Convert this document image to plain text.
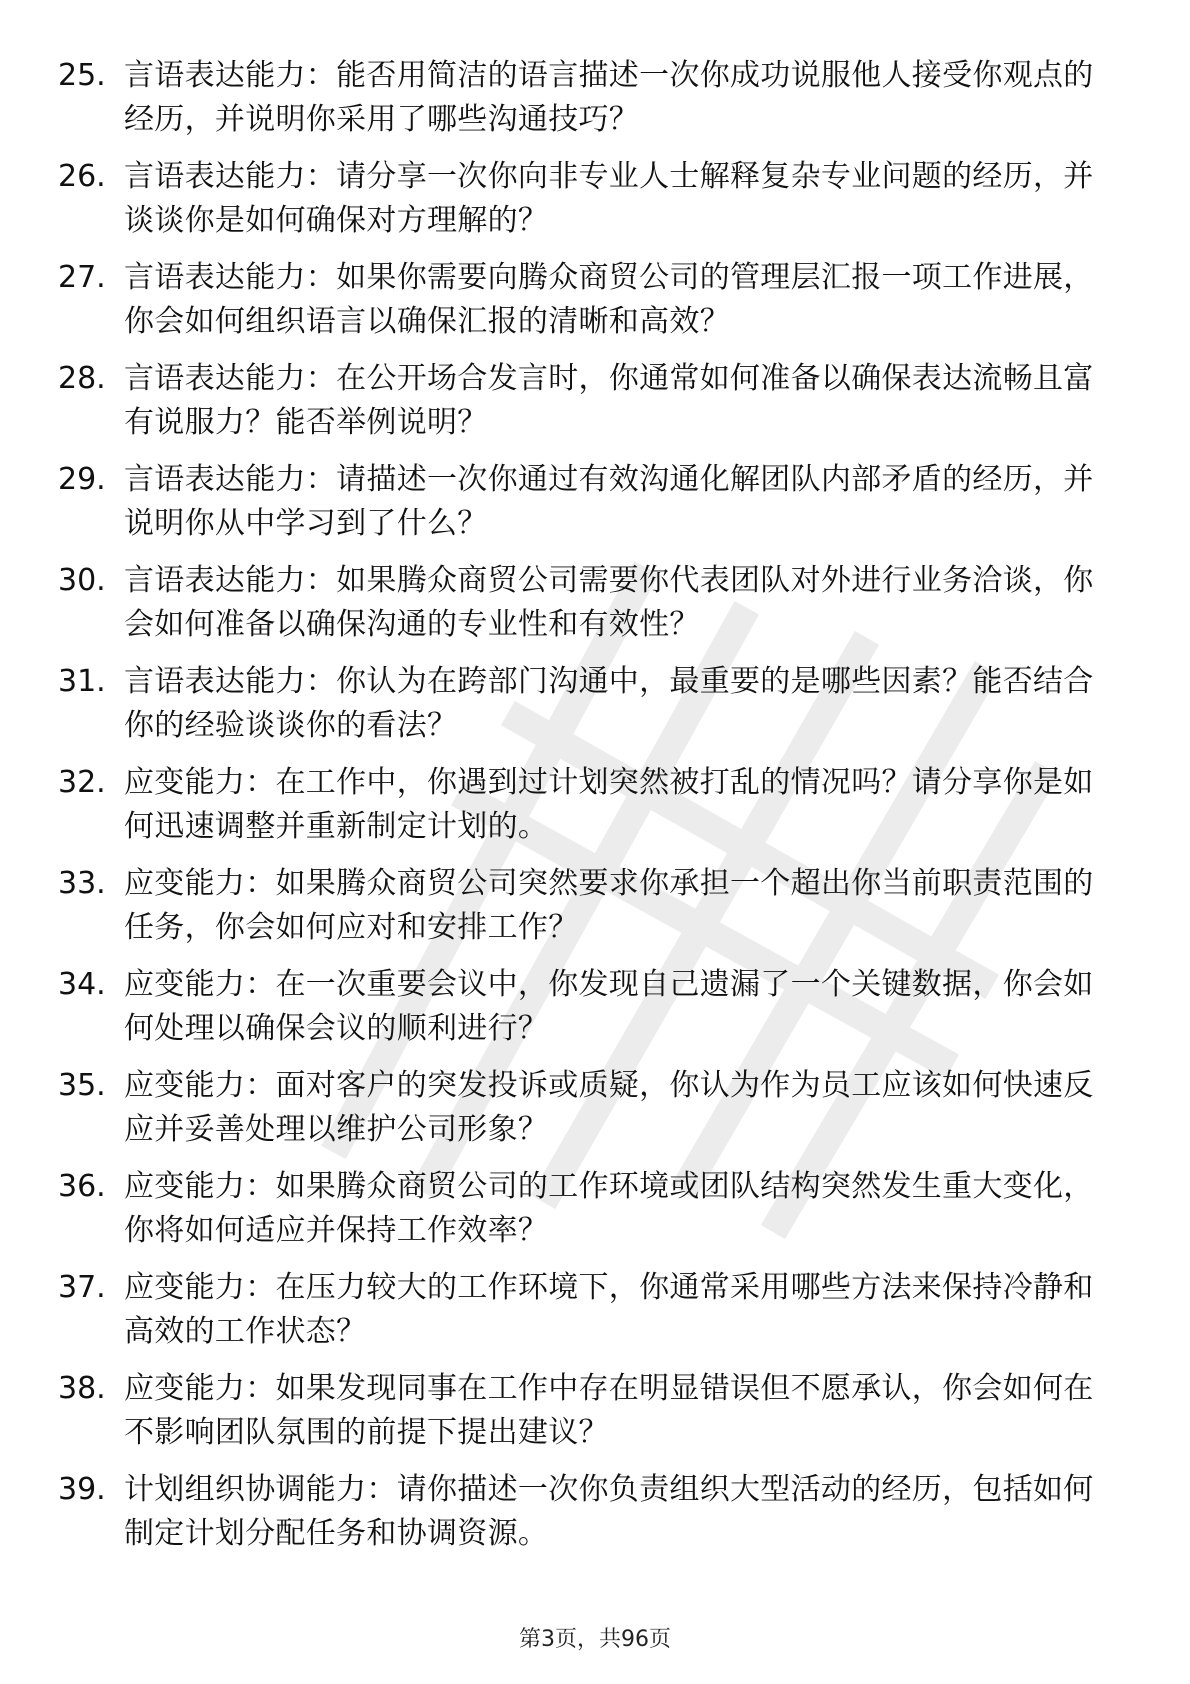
25. 言语表达能力：能否用简洁的语言描述一次你成功说服他人接受你观点的经历，并说明你采用了哪些沟通技巧？
26. 言语表达能力：请分享一次你向非专业人士解释复杂专业问题的经历，并谈谈你是如何确保对方理解的？
27. 言语表达能力：如果你需要向腾众商贸公司的管理层汇报一项工作进展，你会如何组织语言以确保汇报的清晰和高效？
28. 言语表达能力：在公开场合发言时，你通常如何准备以确保表达流畅且富有说服力？能否举例说明？
29. 言语表达能力：请描述一次你通过有效沟通化解团队内部矛盾的经历，并说明你从中学习到了什么？
30. 言语表达能力：如果腾众商贸公司需要你代表团队对外进行业务洽谈，你会如何准备以确保沟通的专业性和有效性？
31. 言语表达能力：你认为在跨部门沟通中，最重要的是哪些因素？能否结合你的经验谈谈你的看法？
32. 应变能力：在工作中，你遇到过计划突然被打乱的情况吗？请分享你是如何迅速调整并重新制定计划的。
33. 应变能力：如果腾众商贸公司突然要求你承担一个超出你当前职责范围的任务，你会如何应对和安排工作？
34. 应变能力：在一次重要会议中，你发现自己遗漏了一个关键数据，你会如何处理以确保会议的顺利进行？
35. 应变能力：面对客户的突发投诉或质疑，你认为作为员工应该如何快速反应并妥善处理以维护公司形象？
36. 应变能力：如果腾众商贸公司的工作环境或团队结构突然发生重大变化，你将如何适应并保持工作效率？
37. 应变能力：在压力较大的工作环境下，你通常采用哪些方法来保持冷静和高效的工作状态？
38. 应变能力：如果发现同事在工作中存在明显错误但不愿承认，你会如何在不影响团队氛围的前提下提出建议？
39. 计划组织协调能力：请你描述一次你负责组织大型活动的经历，包括如何制定计划分配任务和协调资源。
第3页，共96页
